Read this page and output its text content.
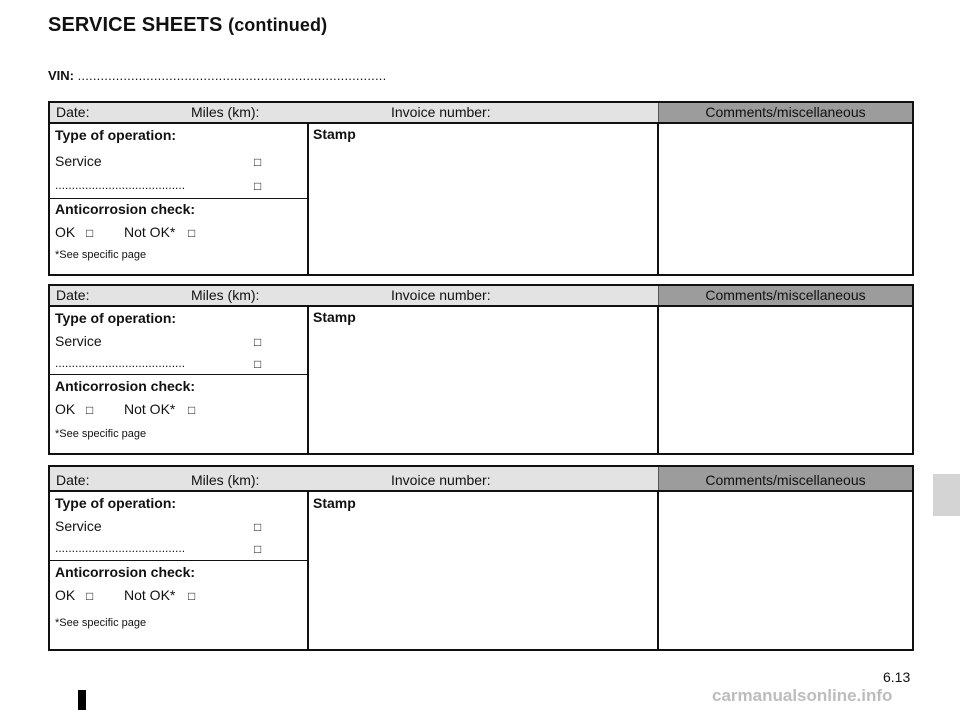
SERVICE SHEETS (continued)
VIN: .................................................................................
Date:	Miles (km):	Invoice number:	Comments/miscellaneous
Type of operation:
Service	□
.......................................	□
Anticorrosion check:
OK □ Not OK* □
*See specific page
Stamp
Date:	Miles (km):	Invoice number:	Comments/miscellaneous
Type of operation:
Service	□
.......................................	□
Anticorrosion check:
OK □ Not OK* □
*See specific page
Stamp
Date:	Miles (km):	Invoice number:	Comments/miscellaneous
Type of operation:
Service	□
.......................................	□
Anticorrosion check:
OK □ Not OK* □
*See specific page
Stamp
6.13
carmanualsonline.info
